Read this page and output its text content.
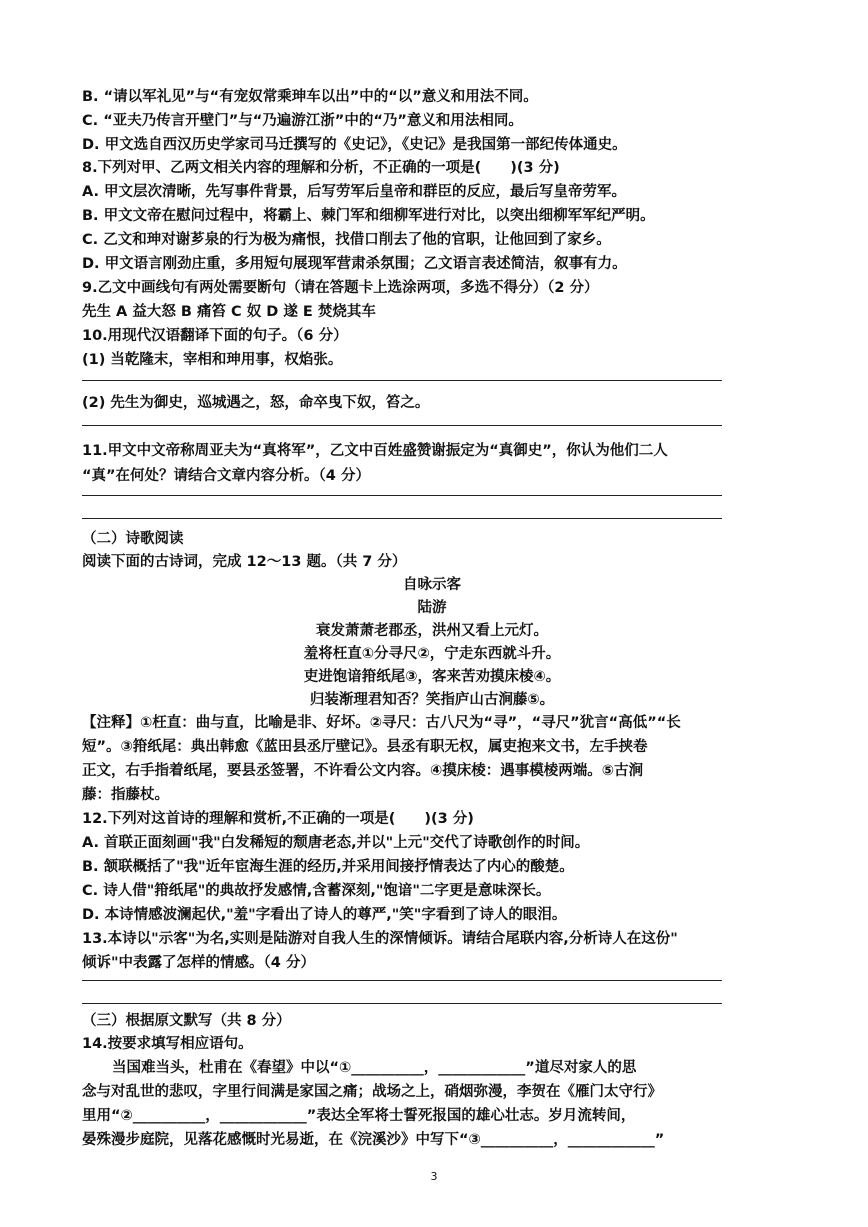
B. “请以军礼见”与“有宠奴常乘珅车以出”中的“以”意义和用法不同。
C. “亚夫乃传言开壁门”与“乃遍游江浙”中的“乃”意义和用法相同。
D. 甲文选自西汉历史学家司马迁撰写的《史记》，《史记》是我国第一部纪传体通史。
8.下列对甲、乙两文相关内容的理解和分析，不正确的一项是(　　)(3 分)
A. 甲文层次清晰，先写事件背景，后写劳军后皇帝和群臣的反应，最后写皇帝劳军。
B. 甲文文帝在慰问过程中，将霸上、棘门军和细柳军进行对比，以突出细柳军军纪严明。
C. 乙文和珅对谢芗泉的行为极为痛恨，找借口削去了他的官职，让他回到了家乡。
D. 甲文语言刚劲庄重，多用短句展现军营肃杀氛围；乙文语言表述简洁，叙事有力。
9.乙文中画线句有两处需要断句（请在答题卡上选涂两项，多选不得分）（2 分）
先生 A 益大怒 B 痛笞 C 奴 D 遂 E 焚烧其车
10.用现代汉语翻译下面的句子。（6 分）
(1) 当乾隆末，宰相和珅用事，权焰张。
(2) 先生为御史，巡城遇之，怒，命卒曳下奴，笞之。
11.甲文中文帝称周亚夫为“真将军”，乙文中百姓盛赞谢振定为“真御史”，你认为他们二人
“真”在何处？请结合文章内容分析。（4 分）
（二）诗歌阅读
阅读下面的古诗词，完成 12～13 题。（共 7 分）
自咏示客
陆游
衰发萧萧老郡丞，洪州又看上元灯。
羞将枉直①分寻尺②，宁走东西就斗升。
吏进饱谙箝纸尾③，客来苦劝摸床棱④。
归装渐理君知否？笑指庐山古涧藤⑤。
【注释】①枉直：曲与直，比喻是非、好坏。②寻尺：古八尺为“寻”，“寻尺”犹言“高低”“长
短”。③箝纸尾：典出韩愈《蓝田县丞厅壁记》。县丞有职无权，属吏抱来文书，左手挟卷
正文，右手指着纸尾，要县丞签署，不许看公文内容。④摸床棱：遇事模棱两端。⑤古涧
藤：指藤杖。
12.下列对这首诗的理解和赏析,不正确的一项是(　　)(3 分)
A. 首联正面刻画"我"白发稀短的颓唐老态,并以"上元"交代了诗歌创作的时间。
B. 颔联概括了"我"近年宦海生涯的经历,并采用间接抒情表达了内心的酸楚。
C. 诗人借"箝纸尾"的典故抒发感情,含蓄深刻,"饱谙"二字更是意味深长。
D. 本诗情感波澜起伏,"羞"字看出了诗人的尊严,"笑"字看到了诗人的眼泪。
13.本诗以"示客"为名,实则是陆游对自我人生的深情倾诉。请结合尾联内容,分析诗人在这份"
倾诉"中表露了怎样的情感。（4 分）
（三）根据原文默写（共 8 分）
14.按要求填写相应语句。
当国难当头，杜甫在《春望》中以“①__________，____________”道尽对家人的思
念与对乱世的悲叹，字里行间满是家国之痛；战场之上，硝烟弥漫，李贺在《雁门太守行》
里用“②__________，____________”表达全军将士誓死报国的雄心壮志。岁月流转间，
晏殊漫步庭院，见落花感慨时光易逝，在《浣溪沙》中写下“③__________，____________”
3
